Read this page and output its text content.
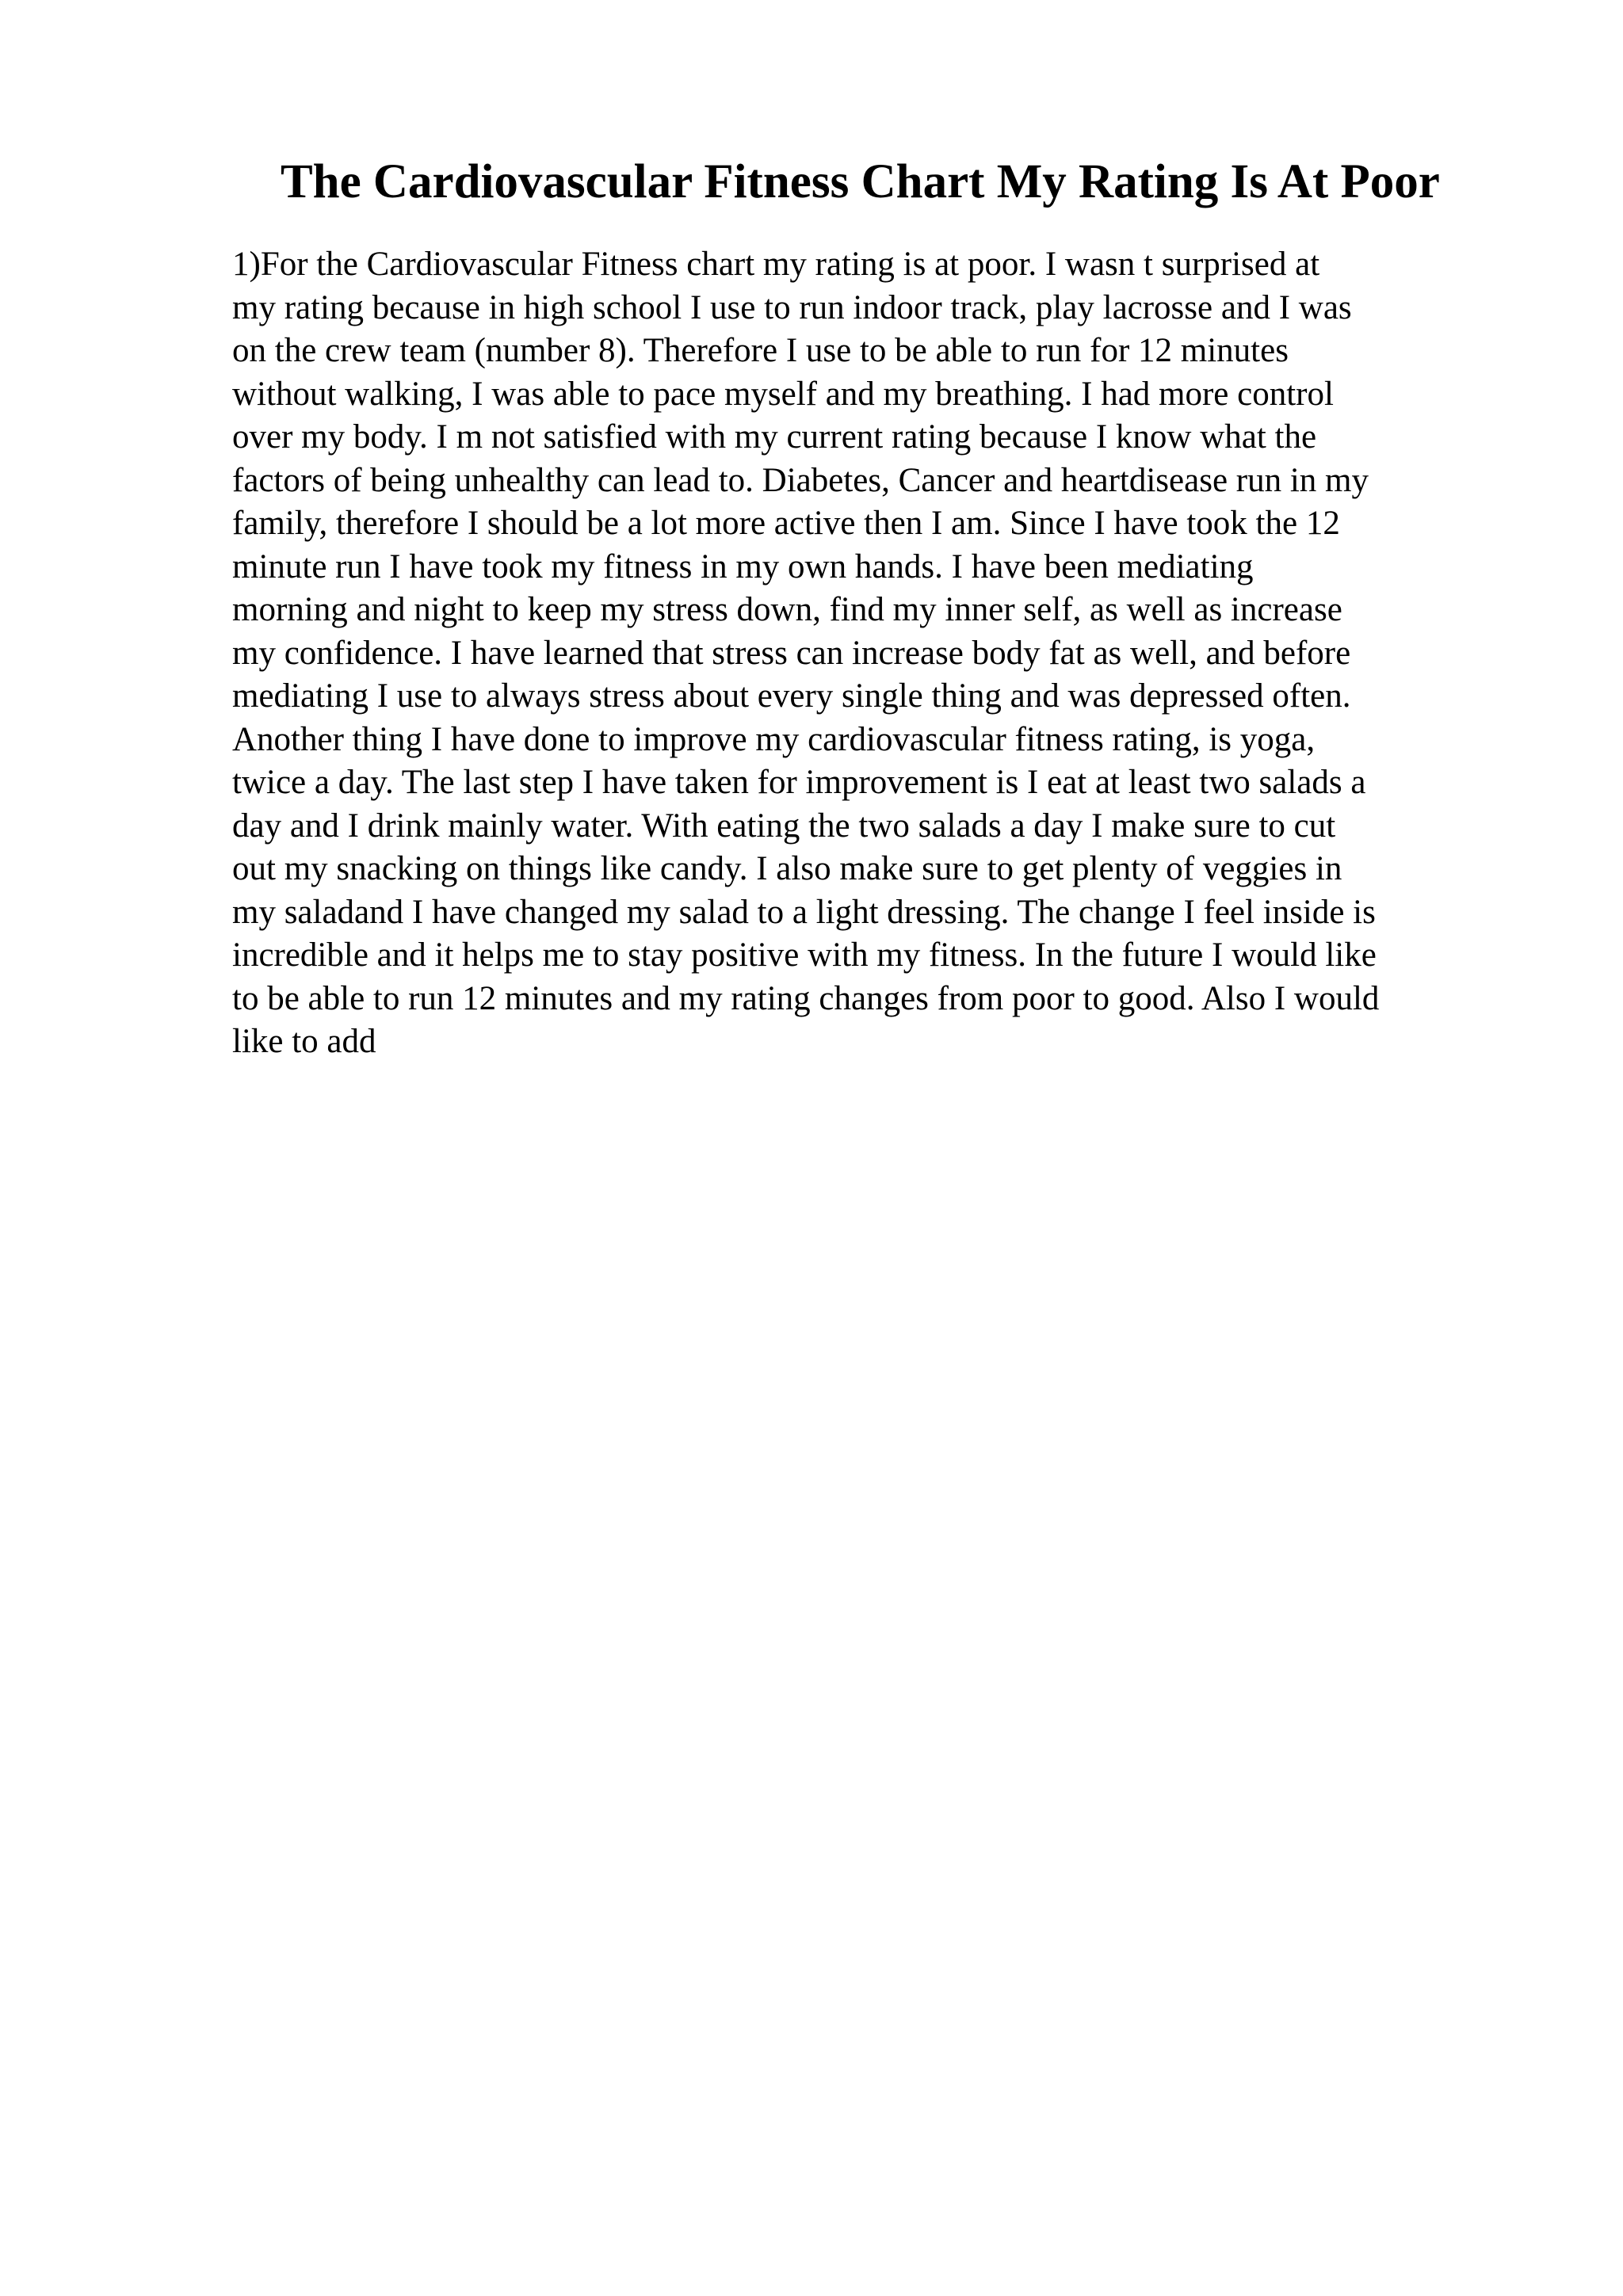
The Cardiovascular Fitness Chart My Rating Is At Poor
1)For the Cardiovascular Fitness chart my rating is at poor. I wasn t surprised at
my rating because in high school I use to run indoor track, play lacrosse and I was
on the crew team (number 8). Therefore I use to be able to run for 12 minutes
without walking, I was able to pace myself and my breathing. I had more control
over my body. I m not satisfied with my current rating because I know what the
factors of being unhealthy can lead to. Diabetes, Cancer and heartdisease run in my
family, therefore I should be a lot more active then I am. Since I have took the 12
minute run I have took my fitness in my own hands. I have been mediating
morning and night to keep my stress down, find my inner self, as well as increase
my confidence. I have learned that stress can increase body fat as well, and before
mediating I use to always stress about every single thing and was depressed often.
Another thing I have done to improve my cardiovascular fitness rating, is yoga,
twice a day. The last step I have taken for improvement is I eat at least two salads a
day and I drink mainly water. With eating the two salads a day I make sure to cut
out my snacking on things like candy. I also make sure to get plenty of veggies in
my saladand I have changed my salad to a light dressing. The change I feel inside is
incredible and it helps me to stay positive with my fitness. In the future I would like
to be able to run 12 minutes and my rating changes from poor to good. Also I would
like to add
